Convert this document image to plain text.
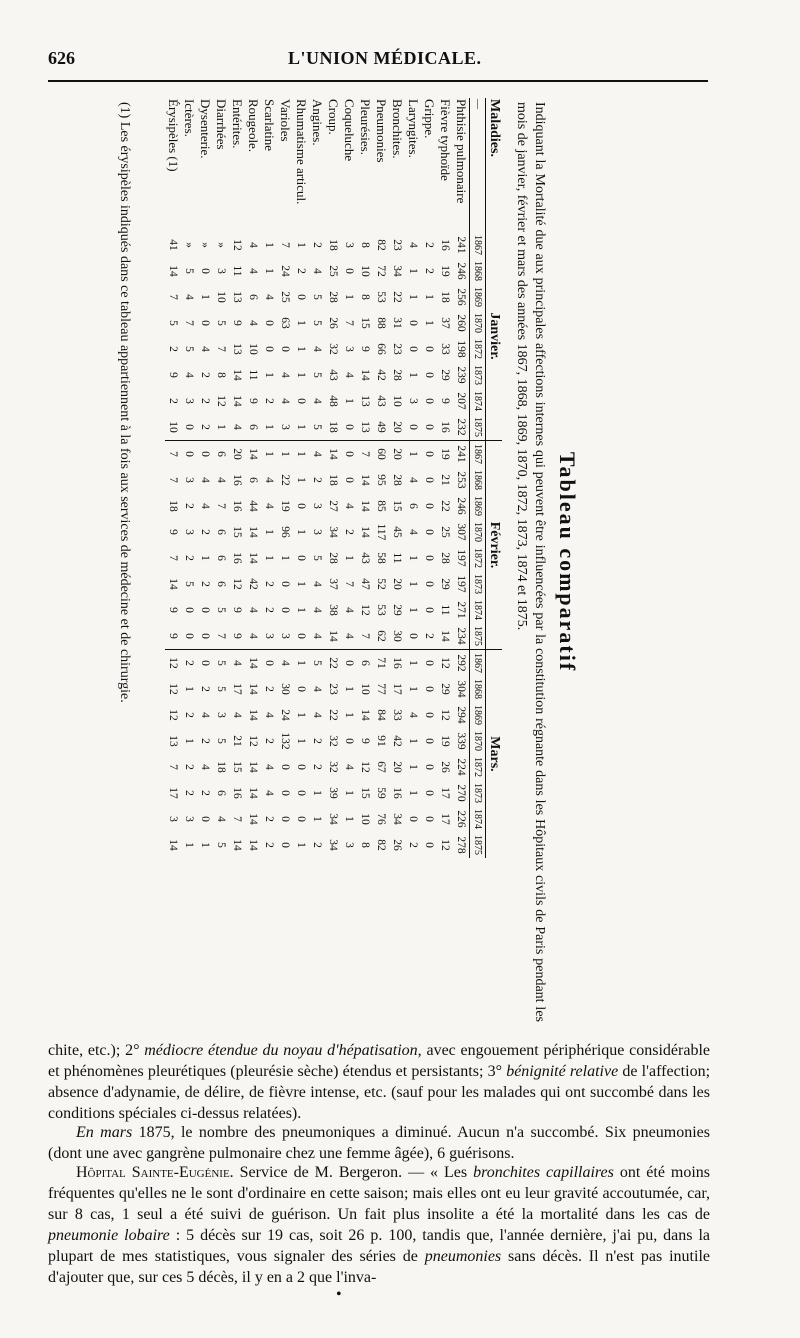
626	L'UNION MÉDICALE.
Tableau comparatif
Indiquant la Mortalité due aux principales affections internes qui peuvent être influencées par la constitution régnante dans les Hôpitaux civils de Paris pendant les mois de janvier, février et mars des années 1867, 1868, 1869, 1870, 1872, 1873, 1874 et 1875.
Maladies.	Janvier.								Février.								Mars.							
—	1867	1868	1869	1870	1872	1873	1874	1875	1867	1868	1869	1870	1872	1873	1874	1875	1867	1868	1869	1870	1872	1873	1874	1875
Phthisie pulmonaire	241	246	256	260	198	239	207	232	241	253	246	307	197	197	271	234	292	304	294	339	224	270	226	278
Fièvre typhoïde	16	19	18	37	33	29	9	16	19	21	22	25	28	29	11	14	12	29	12	19	26	17	17	12
Grippe.	2	2	1	1	0	0	0	0	0	0	0	0	0	0	0	2	0	0	0	0	0	0	0	0
Laryngites.	4	1	1	0	0	1	3	0	1	4	6	4	1	1	1	0	1	1	4	1	1	1	0	2
Bronchites.	23	34	22	31	23	28	10	20	20	28	15	45	11	20	29	30	16	17	33	42	20	16	34	26
Pneumonies	82	72	53	88	66	42	43	49	60	95	85	117	58	52	53	62	71	77	84	91	67	59	76	82
Pleurésies.	8	10	8	15	9	14	13	13	7	14	14	14	43	47	12	7	6	10	14	9	12	15	10	8
Coqueluche	3	0	1	7	3	4	1	0	0	0	4	2	1	7	4	4	0	1	1	0	4	1	1	3
Croup.	18	25	28	26	32	43	48	18	14	18	27	34	28	37	38	14	22	23	22	32	32	39	34	34
Angines.	2	4	5	5	4	5	4	5	4	2	3	3	5	4	4	4	5	4	4	2	2	1	1	2
Rhumatisme articul.	1	2	0	1	1	1	0	1	1	1	0	1	0	1	1	0	1	0	1	1	0	0	0	1
Varioles	7	24	25	63	0	4	4	3	1	22	19	96	1	0	0	3	4	30	24	132	0	0	0	0
Scarlatine	1	1	4	0	0	1	2	1	1	4	4	1	1	2	2	3	0	2	4	2	4	4	2	2
Rougeole.	4	4	6	4	10	11	9	6	14	6	44	14	14	42	4	4	14	14	14	12	14	14	14	14
Entérites.	12	11	13	9	13	14	14	4	20	16	16	15	16	12	9	9	4	17	4	21	15	16	7	14
Diarrhées	»	3	10	5	7	8	12	1	6	4	7	6	6	6	5	7	5	5	3	5	18	6	4	5
Dysenterie.	»	0	1	0	4	2	2	2	0	4	4	2	1	2	0	0	0	2	4	2	4	2	0	1
Ictères.	»	5	4	7	5	4	3	0	0	3	2	3	2	5	0	0	2	1	2	1	2	2	3	1
Érysipèles (1)	41	14	7	5	2	9	2	10	7	7	18	9	7	14	9	9	12	12	12	13	7	17	3	14
(1) Les érysipèles indiqués dans ce tableau appartiennent à la fois aux services de médecine et de chirurgie.

chite, etc.); 2° médiocre étendue du noyau d'hépatisation, avec engouement périphérique considérable et phénomènes pleurétiques (pleurésie sèche) étendus et persistants; 3° bénignité relative de l'affection; absence d'adynamie, de délire, de fièvre intense, etc. (sauf pour les malades qui ont succombé dans les conditions spéciales ci-dessus relatées).

En mars 1875, le nombre des pneumoniques a diminué. Aucun n'a succombé. Six pneumonies (dont une avec gangrène pulmonaire chez une femme âgée), 6 guérisons.

Hôpital Sainte-Eugénie. Service de M. Bergeron. — « Les bronchites capillaires ont été moins fréquentes qu'elles ne le sont d'ordinaire en cette saison; mais elles ont eu leur gravité accoutumée, car, sur 8 cas, 1 seul a été suivi de guérison. Un fait plus insolite a été la mortalité dans les cas de pneumonie lobaire : 5 décès sur 19 cas, soit 26 p. 100, tandis que, l'année dernière, j'ai pu, dans la plupart de mes statistiques, vous signaler des séries de pneumonies sans décès. Il n'est pas inutile d'ajouter que, sur ces 5 décès, il y en a 2 que l'inva-

•
